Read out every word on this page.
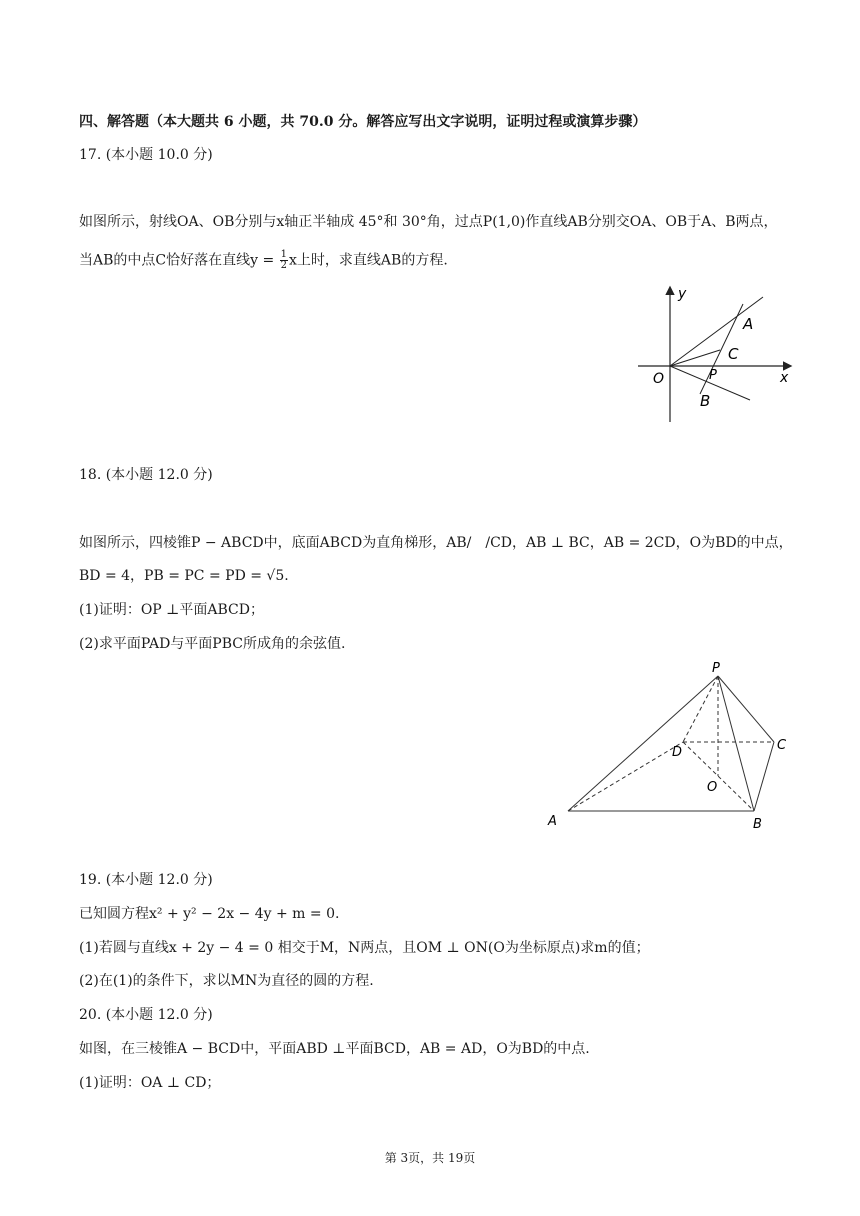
四、解答题（本大题共 6 小题，共 70.0 分。解答应写出文字说明，证明过程或演算步骤）
17. (本小题 10.0 分)
如图所示，射线OA、OB分别与x轴正半轴成 45°和 30°角，过点P(1,0)作直线AB分别交OA、OB于A、B两点，
当AB的中点C恰好落在直线$y = \frac{1}{2}$ x上时，求直线AB的方程.
y
x
O
A
C
P
B
18. (本小题 12.0 分)
如图所示，四棱锥P − ABCD中，底面ABCD为直角梯形，AB/　/CD，AB ⊥ BC，AB = 2CD，O为BD的中点，
BD = 4，PB = PC = PD = √5.
(1)证明：OP ⊥平面ABCD；
(2)求平面PAD与平面PBC所成角的余弦值.
P
D	C
O
A	B
19. (本小题 12.0 分)
已知圆方程x² + y² − 2x − 4y + m = 0.
(1)若圆与直线x + 2y − 4 = 0 相交于M，N两点，且OM ⊥ ON(O为坐标原点)求m的值；
(2)在(1)的条件下，求以MN为直径的圆的方程.
20. (本小题 12.0 分)
如图，在三棱锥A − BCD中，平面ABD ⊥平面BCD，AB = AD，O为BD的中点.
(1)证明：OA ⊥ CD；
第 3页，共 19页
